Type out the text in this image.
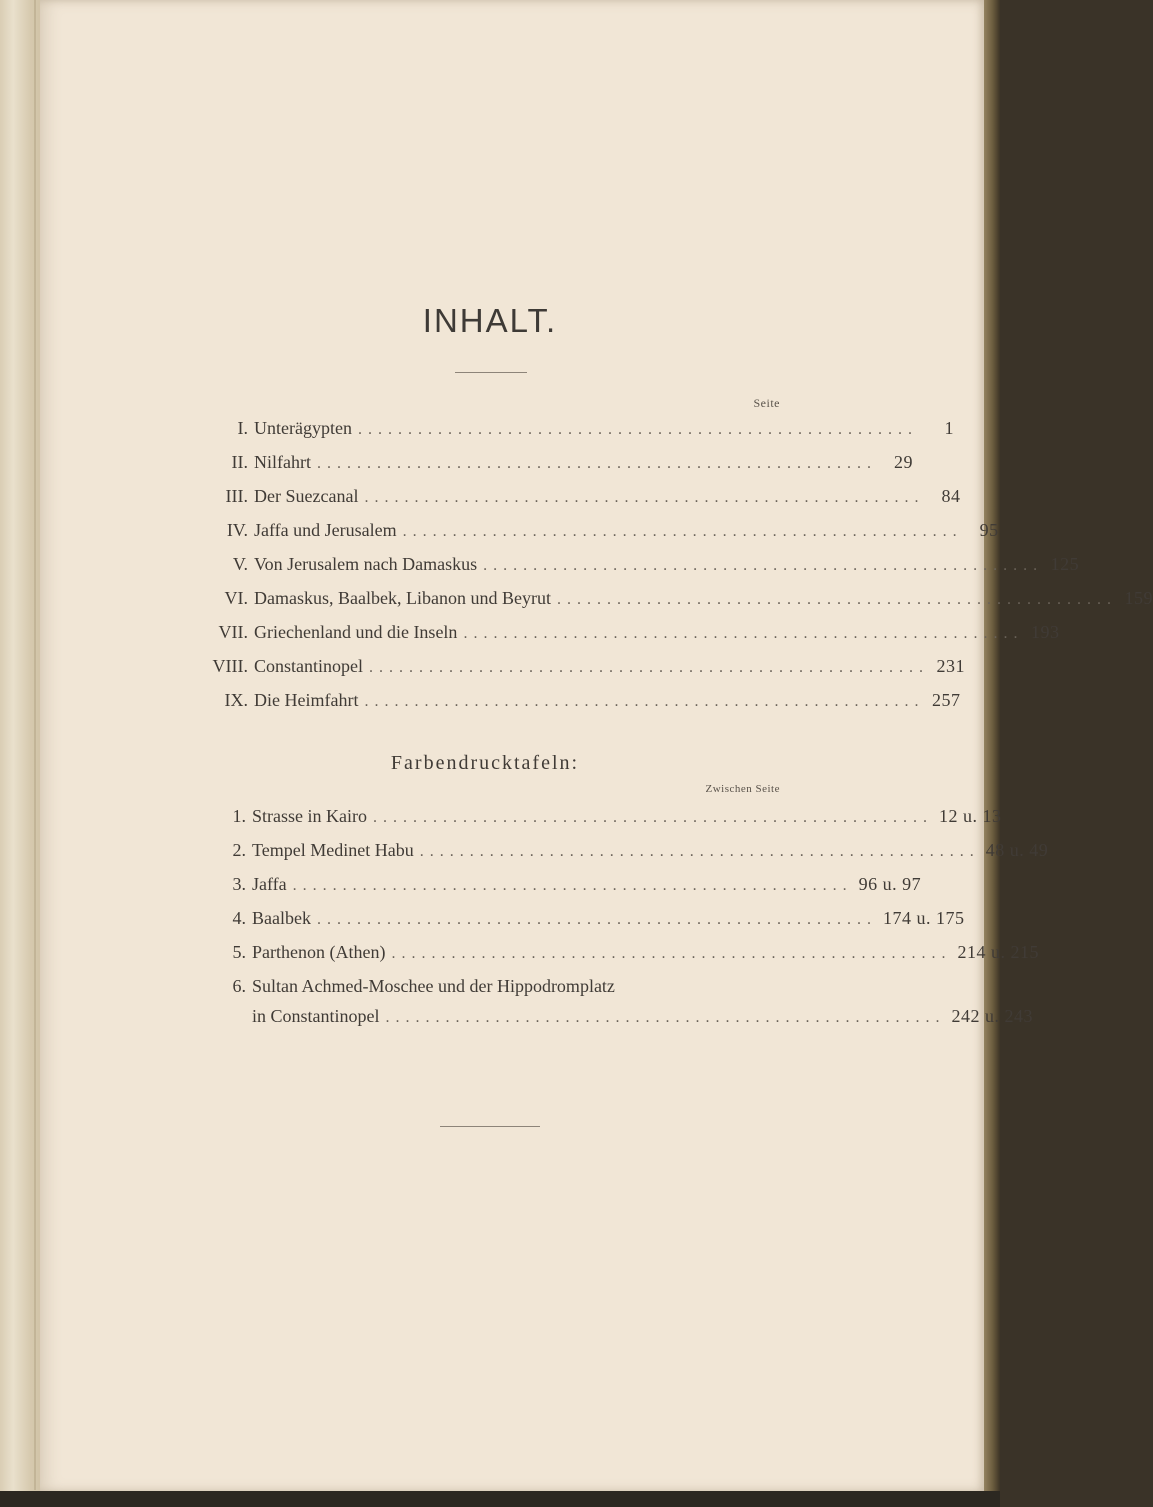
INHALT.
Seite
I. Unterägypten ........................................................	1
II. Nilfahrt ........................................................ 29
III. Der Suezcanal ........................................................ 84
IV. Jaffa und Jerusalem ........................................................ 95
V. Von Jerusalem nach Damaskus ........................................................ 125
VI. Damaskus, Baalbek, Libanon und Beyrut ........................................................ 159
VII. Griechenland und die Inseln ........................................................ 193
VIII. Constantinopel ........................................................ 231
IX. Die Heimfahrt ........................................................ 257
Farbendrucktafeln:
Zwischen Seite
1. Strasse in Kairo ........................................................ 12 u. 13
2. Tempel Medinet Habu ........................................................ 48 u. 49
3. Jaffa ........................................................ 96 u. 97
4. Baalbek ........................................................ 174 u. 175
5. Parthenon (Athen) ........................................................ 214 u. 215
6. Sultan Achmed-Moschee und der Hippodromplatz
in Constantinopel ........................................................ 242 u. 243
